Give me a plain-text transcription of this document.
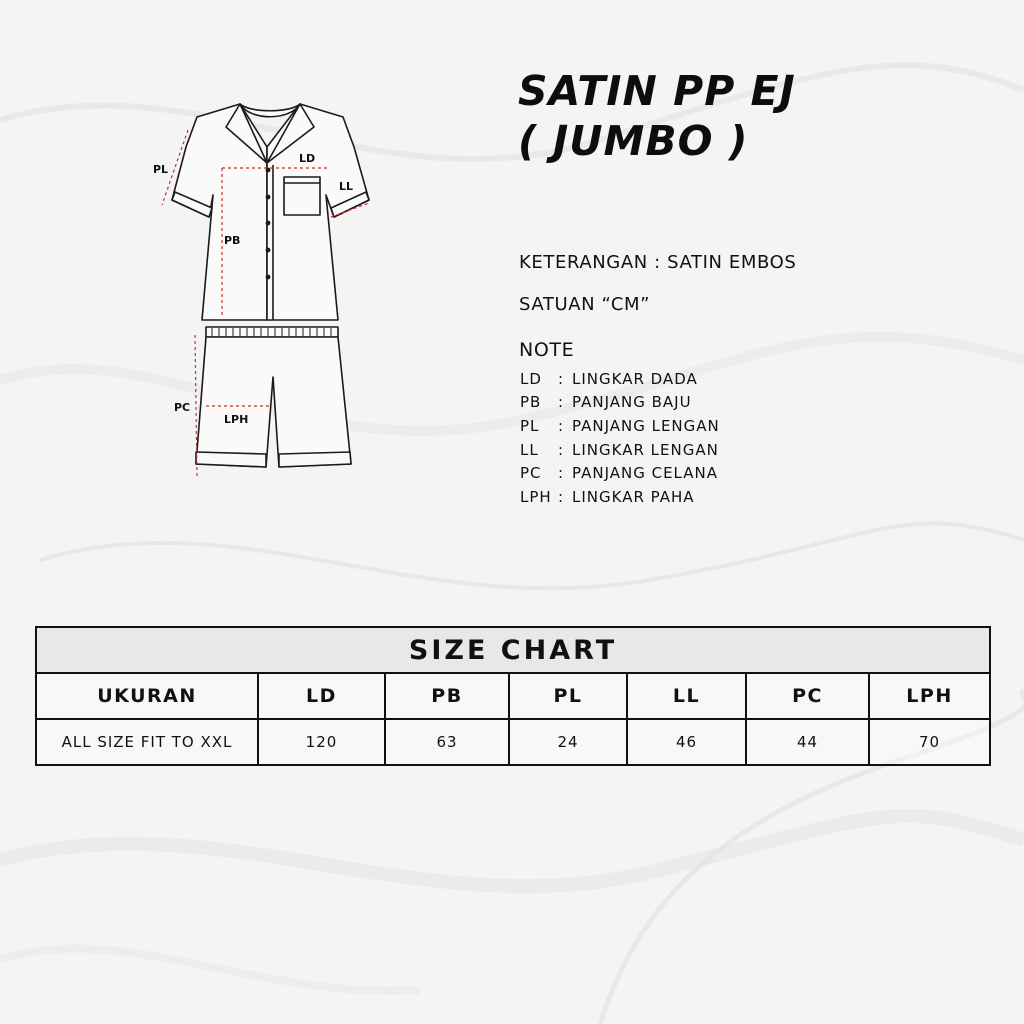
LD
PL
LL
PB
PC
LPH
SATIN PP EJ
( JUMBO )
KETERANGAN : SATIN EMBOS
SATUAN “CM”
NOTE
LD	: LINGKAR DADA
PB	: PANJANG BAJU
PL	: PANJANG LENGAN
LL	: LINGKAR LENGAN
PC	: PANJANG CELANA
LPH : LINGKAR PAHA
SIZE CHART						
UKURAN	LD	PB	PL	LL	PC	LPH
ALL SIZE FIT TO XXL	120	63	24	46	44	70
